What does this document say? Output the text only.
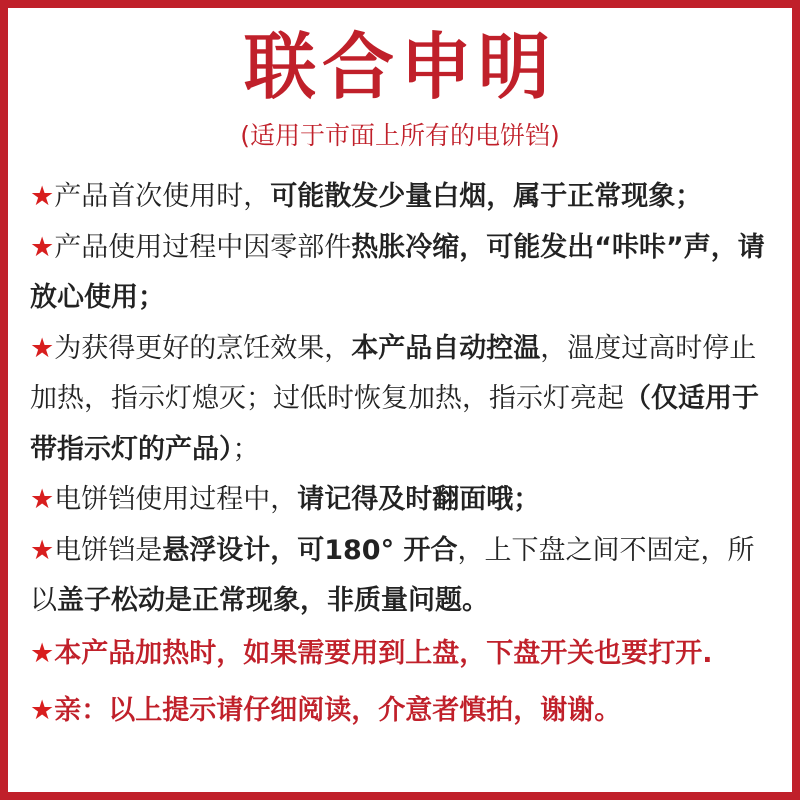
联合申明
(适用于市面上所有的电饼铛)

★产品首次使用时，可能散发少量白烟，属于正常现象；

★产品使用过程中因零部件热胀冷缩，可能发出“咔咔”声，请放心使用；

★为获得更好的烹饪效果，本产品自动控温，温度过高时停止加热，指示灯熄灭；过低时恢复加热，指示灯亮起（仅适用于带指示灯的产品）；

★电饼铛使用过程中，请记得及时翻面哦；

★电饼铛是悬浮设计，可180° 开合，上下盘之间不固定，所以盖子松动是正常现象，非质量问题。

★本产品加热时，如果需要用到上盘，下盘开关也要打开.

★亲：以上提示请仔细阅读，介意者慎拍，谢谢。
